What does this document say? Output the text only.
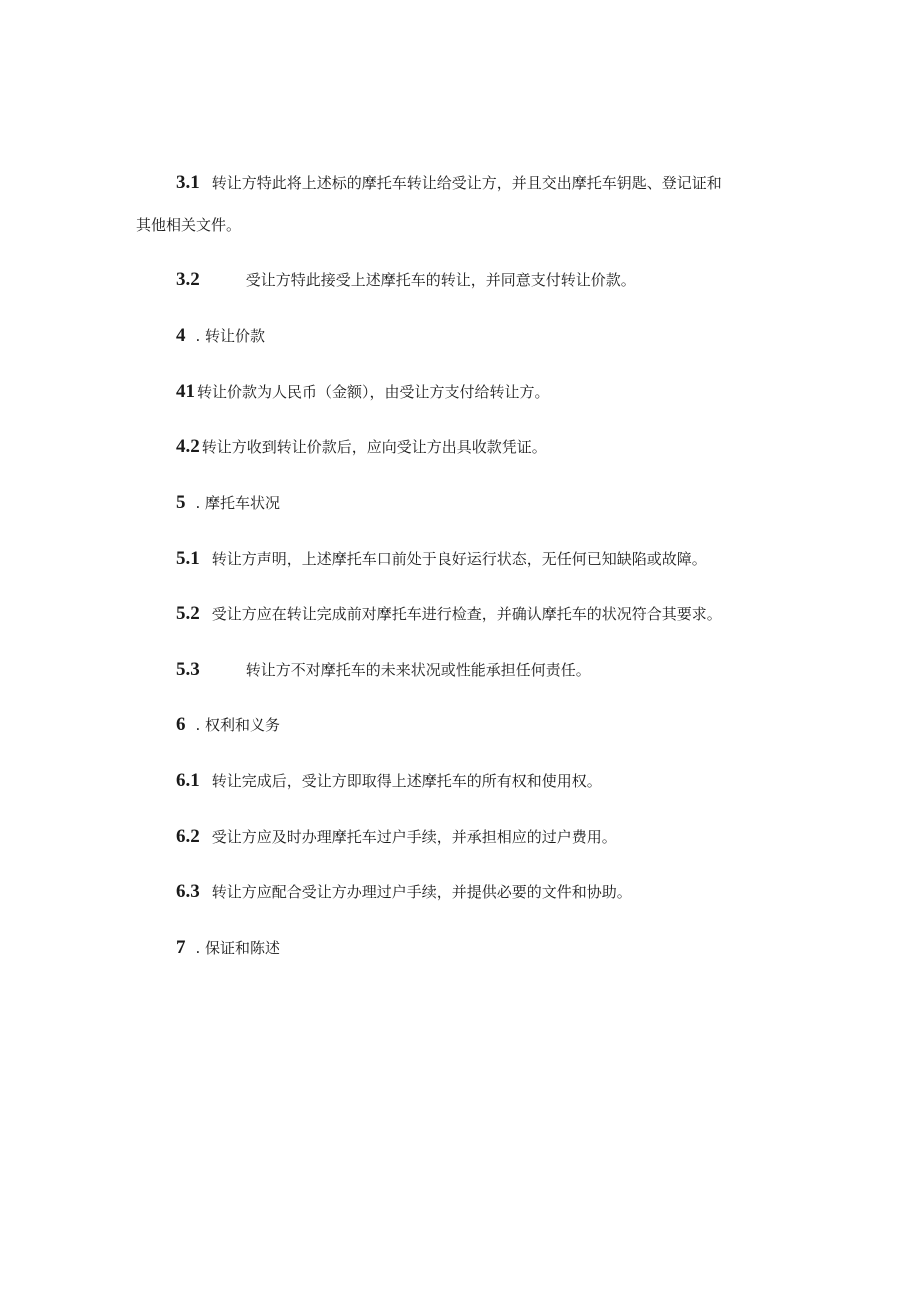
3.1 转让方特此将上述标的摩托车转让给受让方，并且交出摩托车钥匙、登记证和
其他相关文件。
3.2	受让方特此接受上述摩托车的转让，并同意支付转让价款。
4 . 转让价款
41 转让价款为人民币（金额），由受让方支付给转让方。
4.2 转让方收到转让价款后，应向受让方出具收款凭证。
5 . 摩托车状况
5.1 转让方声明，上述摩托车口前处于良好运行状态，无任何已知缺陷或故障。
5.2 受让方应在转让完成前对摩托车进行检查，并确认摩托车的状况符合其要求。
5.3	转让方不对摩托车的未来状况或性能承担任何责任。
6 . 权利和义务
6.1 转让完成后，受让方即取得上述摩托车的所有权和使用权。
6.2 受让方应及时办理摩托车过户手续，并承担相应的过户费用。
6.3 转让方应配合受让方办理过户手续，并提供必要的文件和协助。
7 . 保证和陈述
